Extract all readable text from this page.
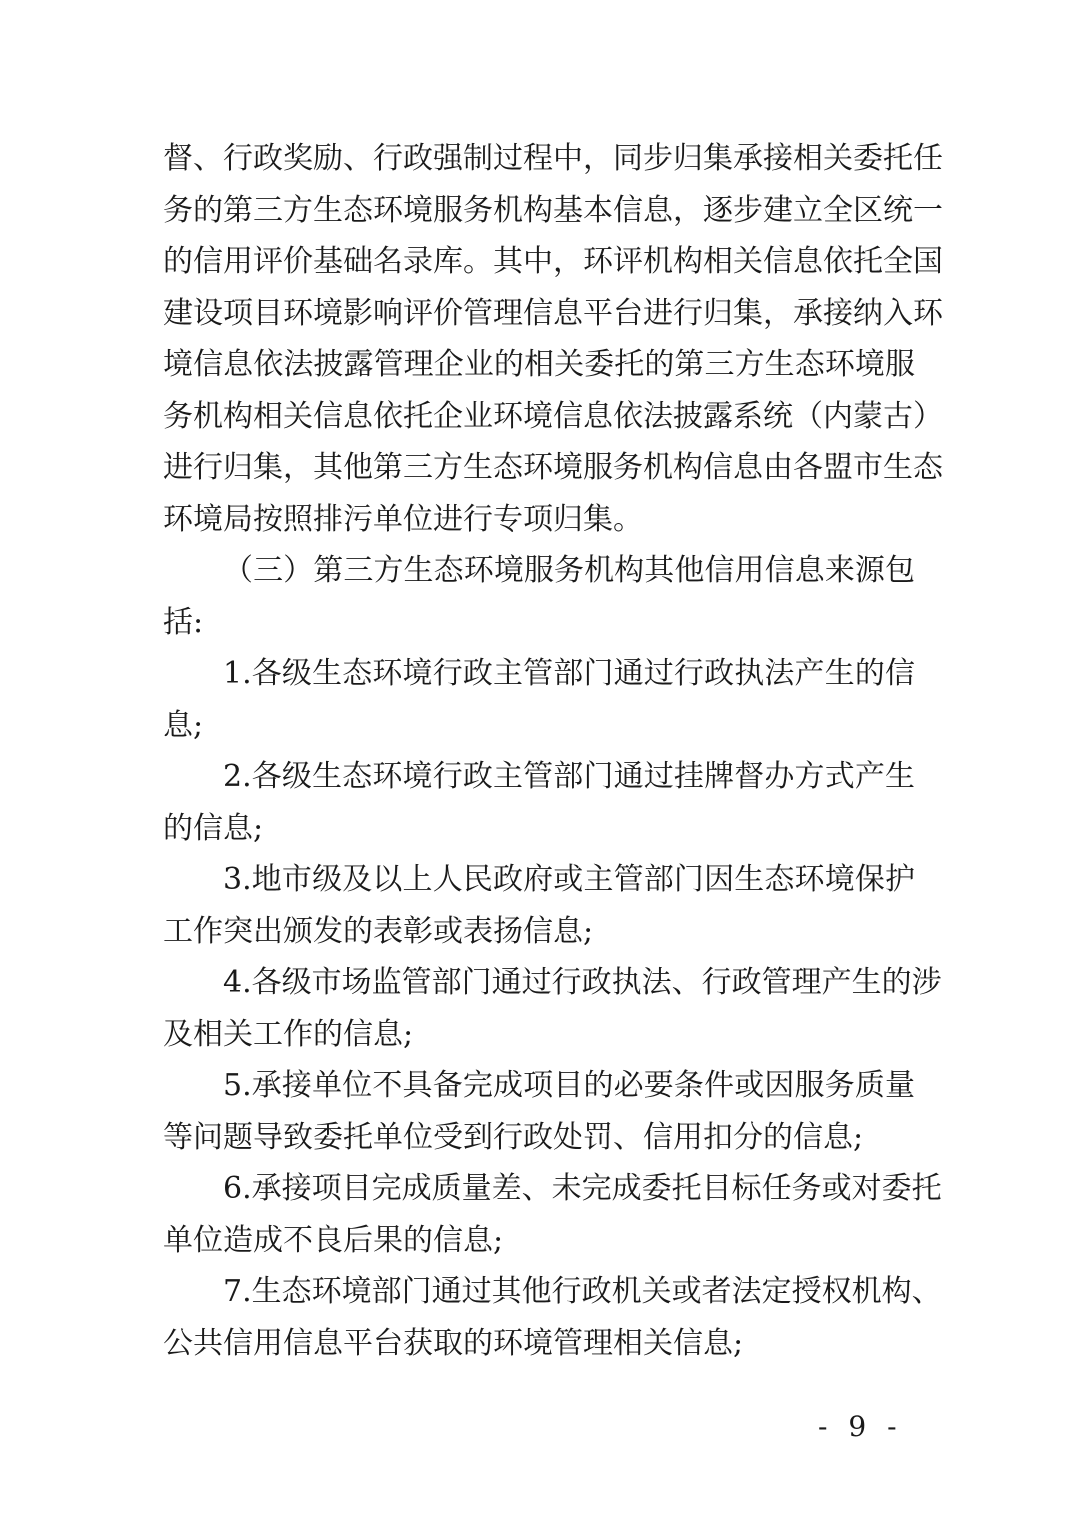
督、行政奖励、行政强制过程中，同步归集承接相关委托任
务的第三方生态环境服务机构基本信息，逐步建立全区统一
的信用评价基础名录库。其中，环评机构相关信息依托全国
建设项目环境影响评价管理信息平台进行归集，承接纳入环
境信息依法披露管理企业的相关委托的第三方生态环境服
务机构相关信息依托企业环境信息依法披露系统（内蒙古）
进行归集，其他第三方生态环境服务机构信息由各盟市生态
环境局按照排污单位进行专项归集。
（三）第三方生态环境服务机构其他信用信息来源包
括:
1.各级生态环境行政主管部门通过行政执法产生的信
息;
2.各级生态环境行政主管部门通过挂牌督办方式产生
的信息;
3.地市级及以上人民政府或主管部门因生态环境保护
工作突出颁发的表彰或表扬信息;
4.各级市场监管部门通过行政执法、行政管理产生的涉
及相关工作的信息;
5.承接单位不具备完成项目的必要条件或因服务质量
等问题导致委托单位受到行政处罚、信用扣分的信息;
6.承接项目完成质量差、未完成委托目标任务或对委托
单位造成不良后果的信息;
7.生态环境部门通过其他行政机关或者法定授权机构、
公共信用信息平台获取的环境管理相关信息;
- 9 -
